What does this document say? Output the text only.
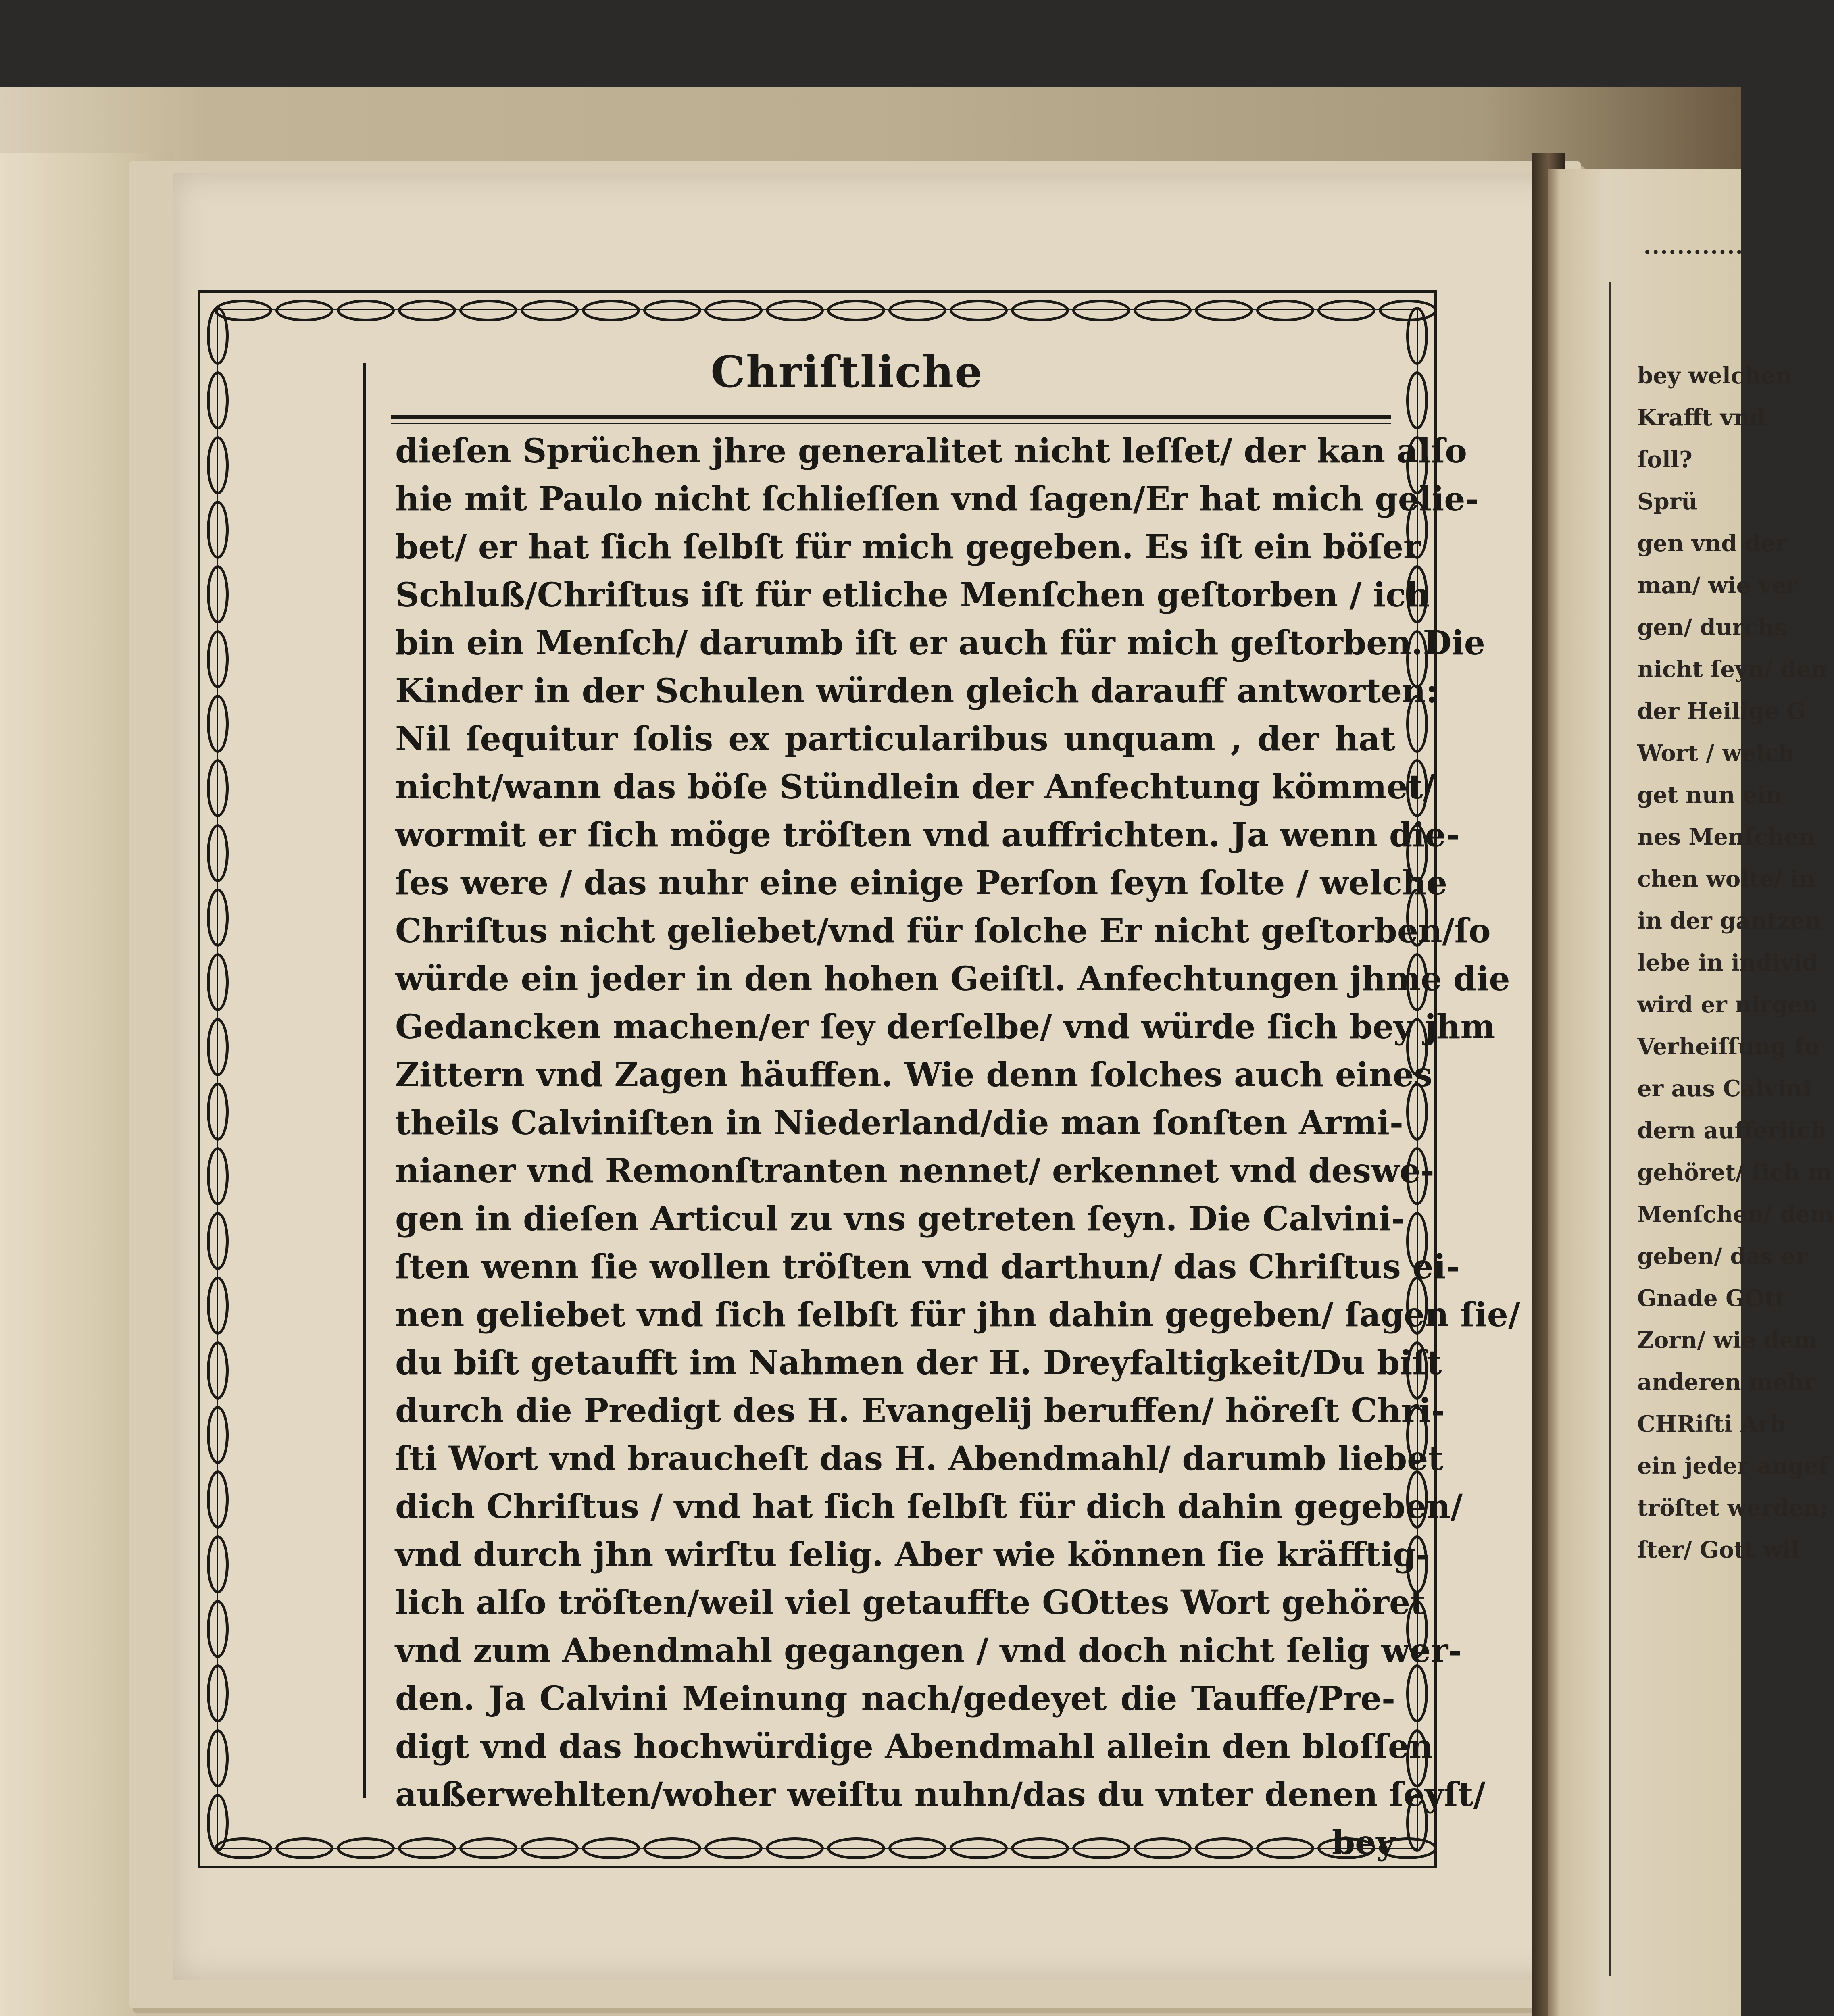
Chriſtliche
dieſen Sprüchen jhre generalitet nicht leſſet/ der kan alſo
hie mit Paulo nicht ſchlieſſen vnd ſagen/Er hat mich gelie-
bet/ er hat ſich ſelbſt für mich gegeben. Es iſt ein böſer
Schluß/Chriſtus iſt für etliche Menſchen geſtorben / ich
bin ein Menſch/ darumb iſt er auch für mich geſtorben.Die
Kinder in der Schulen würden gleich darauff antworten:
Nil ſequitur ſolis ex particularibus unquam , der hat
nicht/wann das böſe Stündlein der Anfechtung kömmet/
wormit er ſich möge tröſten vnd auffrichten. Ja wenn die-
ſes were / das nuhr eine einige Perſon ſeyn ſolte / welche
Chriſtus nicht geliebet/vnd für ſolche Er nicht geſtorben/ſo
würde ein jeder in den hohen Geiſtl. Anfechtungen jhme die
Gedancken machen/er ſey derſelbe/ vnd würde ſich bey jhm
Zittern vnd Zagen häuffen. Wie denn ſolches auch eines
theils Calviniſten in Niederland/die man ſonſten Armi-
nianer vnd Remonſtranten nennet/ erkennet vnd deswe-
gen in dieſen Articul zu vns getreten ſeyn. Die Calvini-
ſten wenn ſie wollen tröſten vnd darthun/ das Chriſtus ei-
nen geliebet vnd ſich ſelbſt für jhn dahin gegeben/ ſagen ſie/
du biſt getaufft im Nahmen der H. Dreyfaltigkeit/Du biſt
durch die Predigt des H. Evangelij beruffen/ höreſt Chri-
ſti Wort vnd braucheſt das H. Abendmahl/ darumb liebet
dich Chriſtus / vnd hat ſich ſelbſt für dich dahin gegeben/
vnd durch jhn wirſtu ſelig. Aber wie können ſie kräfftig-
lich alſo tröſten/weil viel getauffte GOttes Wort gehöret
vnd zum Abendmahl gegangen / vnd doch nicht ſelig wer-
den. Ja Calvini Meinung nach/gedeyet die Tauffe/Pre-
digt vnd das hochwürdige Abendmahl allein den bloſſen
außerwehlten/woher weiſtu nuhn/das du vnter denen ſeyſt/
bey
bey welchen
Krafft vnd
ſoll?
Sprü
gen vnd der
man/ wie ver
gen/ durchs
nicht ſeyn/ den
der Heilige G
Wort / welch
get nun ein
nes Menſchen
chen wolte/ in
in der gantzen
lebe in individ
wird er nirgen
Verheiſſung fu
er aus Calvini
dern aufferlich
gehöret/ ſich m
Menſchen/ dem
geben/ das er
Gnade GOtt
Zorn/ wie dem
anderen mehr
CHRiſti Arb
ein jeder angef
tröſtet werden;
ſter/ Gott wil
